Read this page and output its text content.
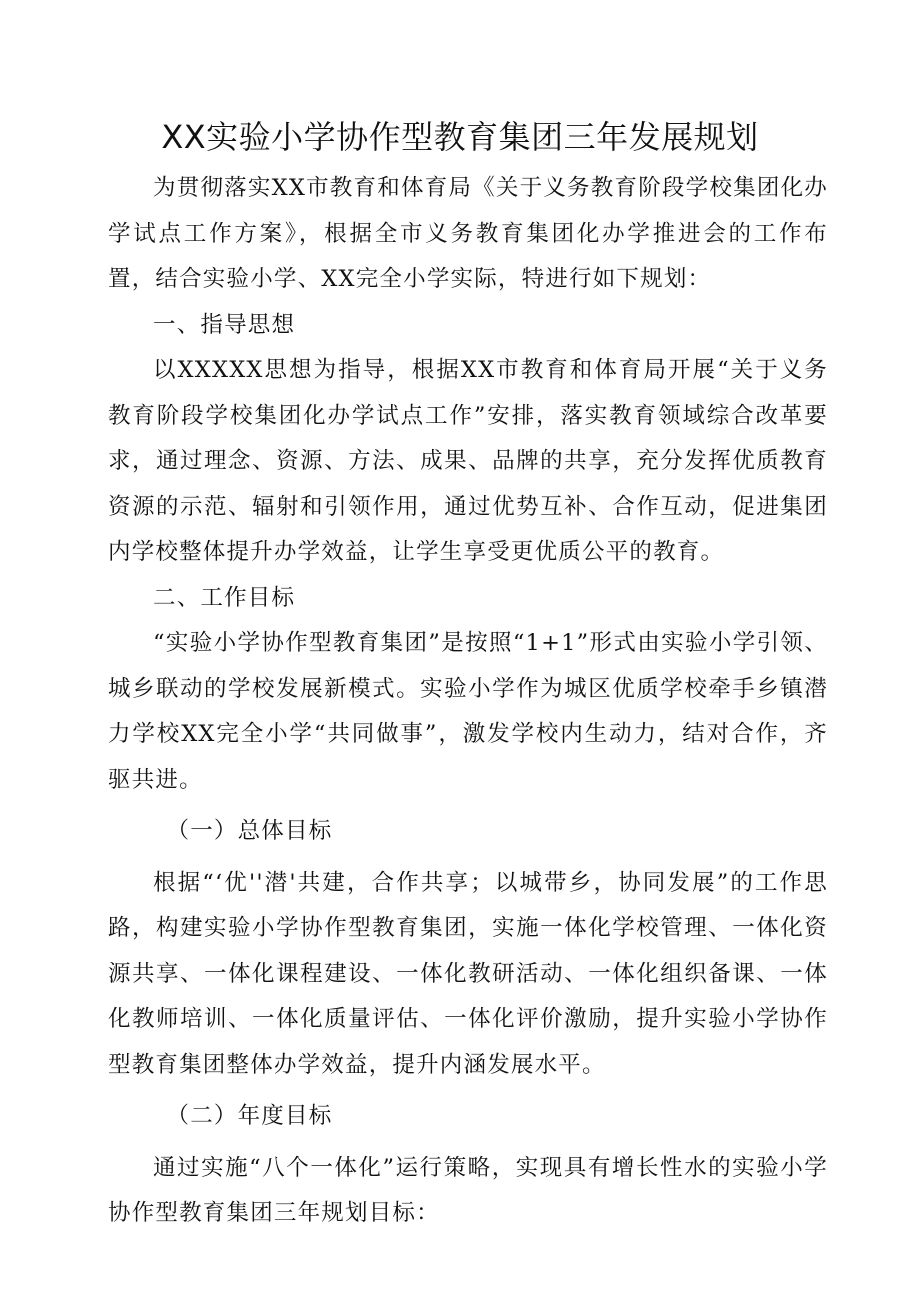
XX实验小学协作型教育集团三年发展规划

为贯彻落实XX市教育和体育局《关于义务教育阶段学校集团化办学试点工作方案》，根据全市义务教育集团化办学推进会的工作布置，结合实验小学、XX完全小学实际，特进行如下规划：

一、指导思想

以XXXXX思想为指导，根据XX市教育和体育局开展“关于义务教育阶段学校集团化办学试点工作”安排，落实教育领域综合改革要求，通过理念、资源、方法、成果、品牌的共享，充分发挥优质教育资源的示范、辐射和引领作用，通过优势互补、合作互动，促进集团内学校整体提升办学效益，让学生享受更优质公平的教育。

二、工作目标

“实验小学协作型教育集团”是按照“1+1”形式由实验小学引领、城乡联动的学校发展新模式。实验小学作为城区优质学校牵手乡镇潜力学校XX完全小学“共同做事”，激发学校内生动力，结对合作，齐驱共进。

（一）总体目标

根据“‘优''潜'共建，合作共享；以城带乡，协同发展”的工作思路，构建实验小学协作型教育集团，实施一体化学校管理、一体化资源共享、一体化课程建设、一体化教研活动、一体化组织备课、一体化教师培训、一体化质量评估、一体化评价激励，提升实验小学协作型教育集团整体办学效益，提升内涵发展水平。

（二）年度目标

通过实施“八个一体化”运行策略，实现具有增长性水的实验小学协作型教育集团三年规划目标：
